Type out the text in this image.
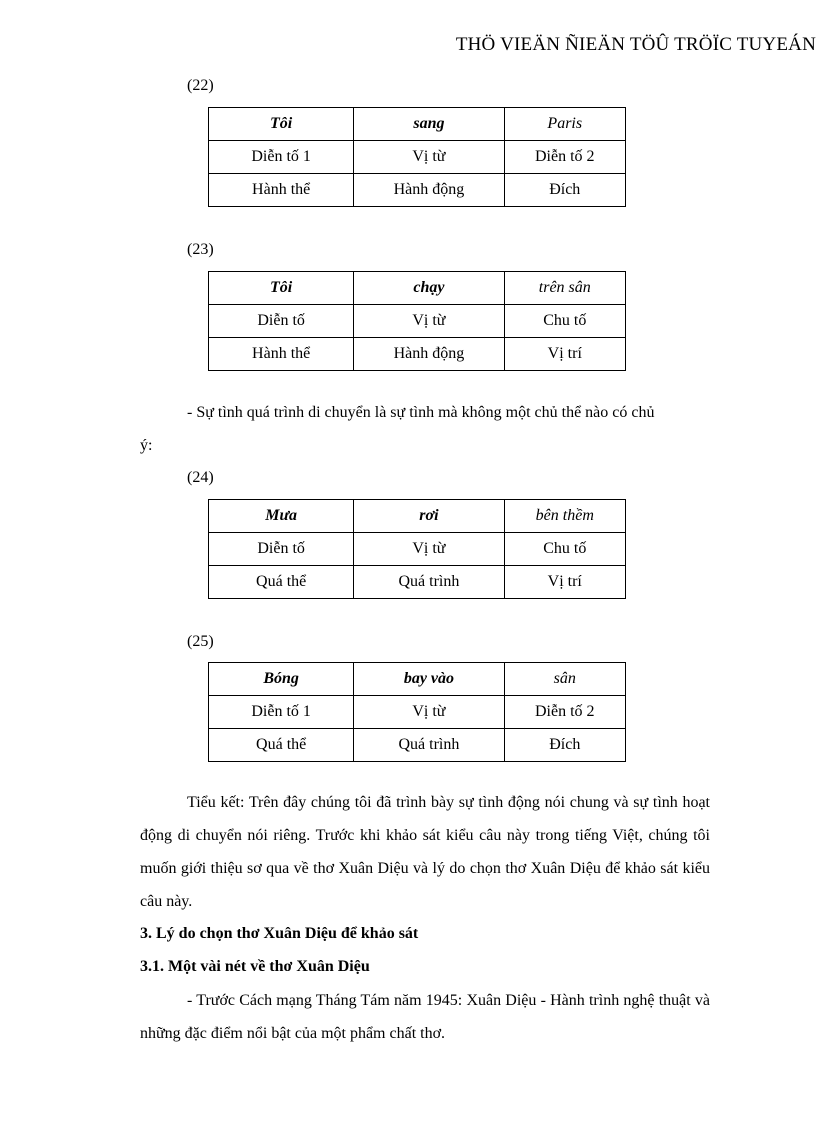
THÖ VIEÄN ÑIEÄN TÖÛ TRÖÏC TUYEÁN
(22)
Tôi	sang	Paris
Diễn tố 1	Vị từ	Diễn tố 2
Hành thể	Hành động	Đích
(23)
Tôi	chạy	trên sân
Diễn tố	Vị từ	Chu tố
Hành thể	Hành động	Vị trí
- Sự tình quá trình di chuyển là sự tình mà không một chủ thể nào có chủ
ý:
(24)
Mưa	rơi	bên thềm
Diễn tố	Vị từ	Chu tố
Quá thể	Quá trình	Vị trí
(25)
Bóng	bay vào	sân
Diễn tố 1	Vị từ	Diễn tố 2
Quá thể	Quá trình	Đích
Tiểu kết: Trên đây chúng tôi đã trình bày sự tình động nói chung và sự tình hoạt động di chuyển nói riêng. Trước khi khảo sát kiểu câu này trong tiếng Việt, chúng tôi muốn giới thiệu sơ qua về thơ Xuân Diệu và lý do chọn thơ Xuân Diệu để khảo sát kiểu câu này.
3. Lý do chọn thơ Xuân Diệu để khảo sát
3.1. Một vài nét về thơ Xuân Diệu
- Trước Cách mạng Tháng Tám năm 1945: Xuân Diệu - Hành trình nghệ thuật và những đặc điểm nổi bật của một phẩm chất thơ.
